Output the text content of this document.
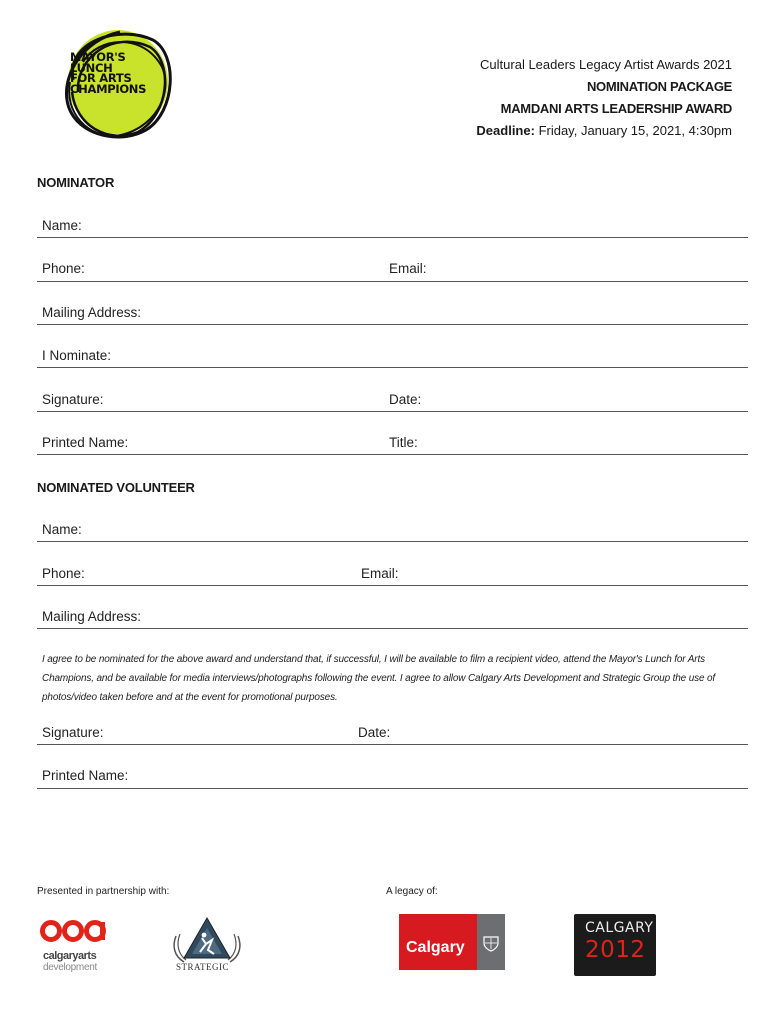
MAYOR'S
LUNCH
FOR ARTS
CHAMPIONS
Cultural Leaders Legacy Artist Awards 2021
NOMINATION PACKAGE
MAMDANI ARTS LEADERSHIP AWARD
Deadline: Friday, January 15, 2021, 4:30pm
NOMINATOR
Name:
Phone:	Email:
Mailing Address:
I Nominate:
Signature:	Date:
Printed Name:	Title:
NOMINATED VOLUNTEER
Name:
Phone:	Email:
Mailing Address:
I agree to be nominated for the above award and understand that, if successful, I will be available to film a recipient video, attend the Mayor's Lunch for Arts Champions, and be available for media interviews/photographs following the event. I agree to allow Calgary Arts Development and Strategic Group the use of photos/video taken before and at the event for promotional purposes.
Signature:	Date:
Printed Name:
Presented in partnership with:	A legacy of:
calgaryarts
development	STRATEGIC
Calgary
CALGARY
2012
